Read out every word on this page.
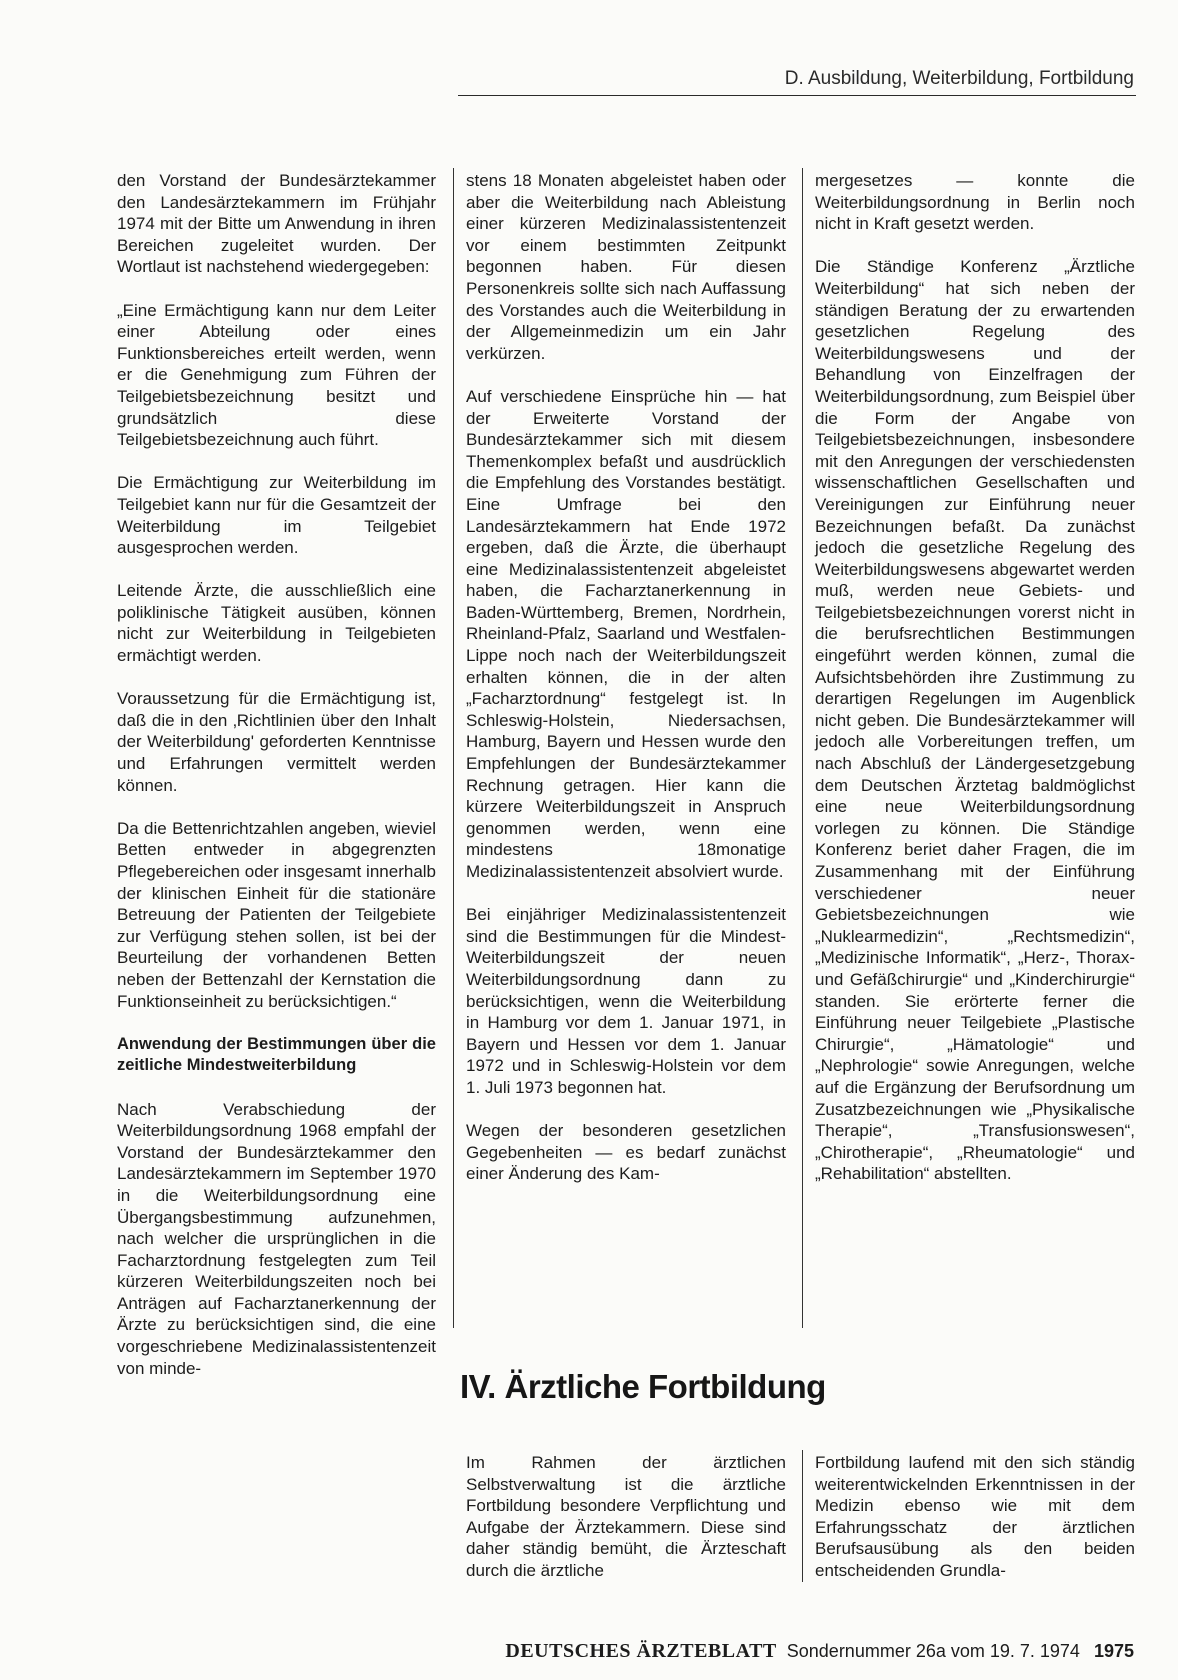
D. Ausbildung, Weiterbildung, Fortbildung

den Vorstand der Bundesärztekammer den Landesärztekammern im Frühjahr 1974 mit der Bitte um Anwendung in ihren Bereichen zugeleitet wurden. Der Wortlaut ist nachstehend wiedergegeben:

„Eine Ermächtigung kann nur dem Leiter einer Abteilung oder eines Funktionsbereiches erteilt werden, wenn er die Genehmigung zum Führen der Teilgebietsbezeichnung besitzt und grundsätzlich diese Teilgebietsbezeichnung auch führt.

Die Ermächtigung zur Weiterbildung im Teilgebiet kann nur für die Gesamtzeit der Weiterbildung im Teilgebiet ausgesprochen werden.

Leitende Ärzte, die ausschließlich eine poliklinische Tätigkeit ausüben, können nicht zur Weiterbildung in Teilgebieten ermächtigt werden.

Voraussetzung für die Ermächtigung ist, daß die in den ‚Richtlinien über den Inhalt der Weiterbildung' geforderten Kenntnisse und Erfahrungen vermittelt werden können.

Da die Bettenrichtzahlen angeben, wieviel Betten entweder in abgegrenzten Pflegebereichen oder insgesamt innerhalb der klinischen Einheit für die stationäre Betreuung der Patienten der Teilgebiete zur Verfügung stehen sollen, ist bei der Beurteilung der vorhandenen Betten neben der Bettenzahl der Kernstation die Funktionseinheit zu berücksichtigen.“

Anwendung der Bestimmungen über die zeitliche Mindestweiterbildung

Nach Verabschiedung der Weiterbildungsordnung 1968 empfahl der Vorstand der Bundesärztekammer den Landesärztekammern im September 1970 in die Weiterbildungsordnung eine Übergangsbestimmung aufzunehmen, nach welcher die ursprünglichen in die Facharztordnung festgelegten zum Teil kürzeren Weiterbildungszeiten noch bei Anträgen auf Facharztanerkennung der Ärzte zu berücksichtigen sind, die eine vorgeschriebene Medizinalassistentenzeit von minde-

stens 18 Monaten abgeleistet haben oder aber die Weiterbildung nach Ableistung einer kürzeren Medizinalassistentenzeit vor einem bestimmten Zeitpunkt begonnen haben. Für diesen Personenkreis sollte sich nach Auffassung des Vorstandes auch die Weiterbildung in der Allgemeinmedizin um ein Jahr verkürzen.

Auf verschiedene Einsprüche hin — hat der Erweiterte Vorstand der Bundesärztekammer sich mit diesem Themenkomplex befaßt und ausdrücklich die Empfehlung des Vorstandes bestätigt. Eine Umfrage bei den Landesärztekammern hat Ende 1972 ergeben, daß die Ärzte, die überhaupt eine Medizinalassistentenzeit abgeleistet haben, die Facharztanerkennung in Baden-Württemberg, Bremen, Nordrhein, Rheinland-Pfalz, Saarland und Westfalen-Lippe noch nach der Weiterbildungszeit erhalten können, die in der alten „Facharztordnung“ festgelegt ist. In Schleswig-Holstein, Niedersachsen, Hamburg, Bayern und Hessen wurde den Empfehlungen der Bundesärztekammer Rechnung getragen. Hier kann die kürzere Weiterbildungszeit in Anspruch genommen werden, wenn eine mindestens 18monatige Medizinalassistentenzeit absolviert wurde.

Bei einjähriger Medizinalassistentenzeit sind die Bestimmungen für die Mindest-Weiterbildungszeit der neuen Weiterbildungsordnung dann zu berücksichtigen, wenn die Weiterbildung in Hamburg vor dem 1. Januar 1971, in Bayern und Hessen vor dem 1. Januar 1972 und in Schleswig-Holstein vor dem 1. Juli 1973 begonnen hat.

Wegen der besonderen gesetzlichen Gegebenheiten — es bedarf zunächst einer Änderung des Kam-

mergesetzes — konnte die Weiterbildungsordnung in Berlin noch nicht in Kraft gesetzt werden.

Die Ständige Konferenz „Ärztliche Weiterbildung“ hat sich neben der ständigen Beratung der zu erwartenden gesetzlichen Regelung des Weiterbildungswesens und der Behandlung von Einzelfragen der Weiterbildungsordnung, zum Beispiel über die Form der Angabe von Teilgebietsbezeichnungen, insbesondere mit den Anregungen der verschiedensten wissenschaftlichen Gesellschaften und Vereinigungen zur Einführung neuer Bezeichnungen befaßt. Da zunächst jedoch die gesetzliche Regelung des Weiterbildungswesens abgewartet werden muß, werden neue Gebiets- und Teilgebietsbezeichnungen vorerst nicht in die berufsrechtlichen Bestimmungen eingeführt werden können, zumal die Aufsichtsbehörden ihre Zustimmung zu derartigen Regelungen im Augenblick nicht geben. Die Bundesärztekammer will jedoch alle Vorbereitungen treffen, um nach Abschluß der Ländergesetzgebung dem Deutschen Ärztetag baldmöglichst eine neue Weiterbildungsordnung vorlegen zu können. Die Ständige Konferenz beriet daher Fragen, die im Zusammenhang mit der Einführung verschiedener neuer Gebietsbezeichnungen wie „Nuklearmedizin“, „Rechtsmedizin“, „Medizinische Informatik“, „Herz-, Thorax- und Gefäßchirurgie“ und „Kinderchirurgie“ standen. Sie erörterte ferner die Einführung neuer Teilgebiete „Plastische Chirurgie“, „Hämatologie“ und „Nephrologie“ sowie Anregungen, welche auf die Ergänzung der Berufsordnung um Zusatzbezeichnungen wie „Physikalische Therapie“, „Transfusionswesen“, „Chirotherapie“, „Rheumatologie“ und „Rehabilitation“ abstellten.

IV. Ärztliche Fortbildung

Im Rahmen der ärztlichen Selbstverwaltung ist die ärztliche Fortbildung besondere Verpflichtung und Aufgabe der Ärztekammern. Diese sind daher ständig bemüht, die Ärzteschaft durch die ärztliche

Fortbildung laufend mit den sich ständig weiterentwickelnden Erkenntnissen in der Medizin ebenso wie mit dem Erfahrungsschatz der ärztlichen Berufsausübung als den beiden entscheidenden Grundla-

DEUTSCHES ÄRZTEBLATT Sondernummer 26a vom 19. 7. 1974 1975
